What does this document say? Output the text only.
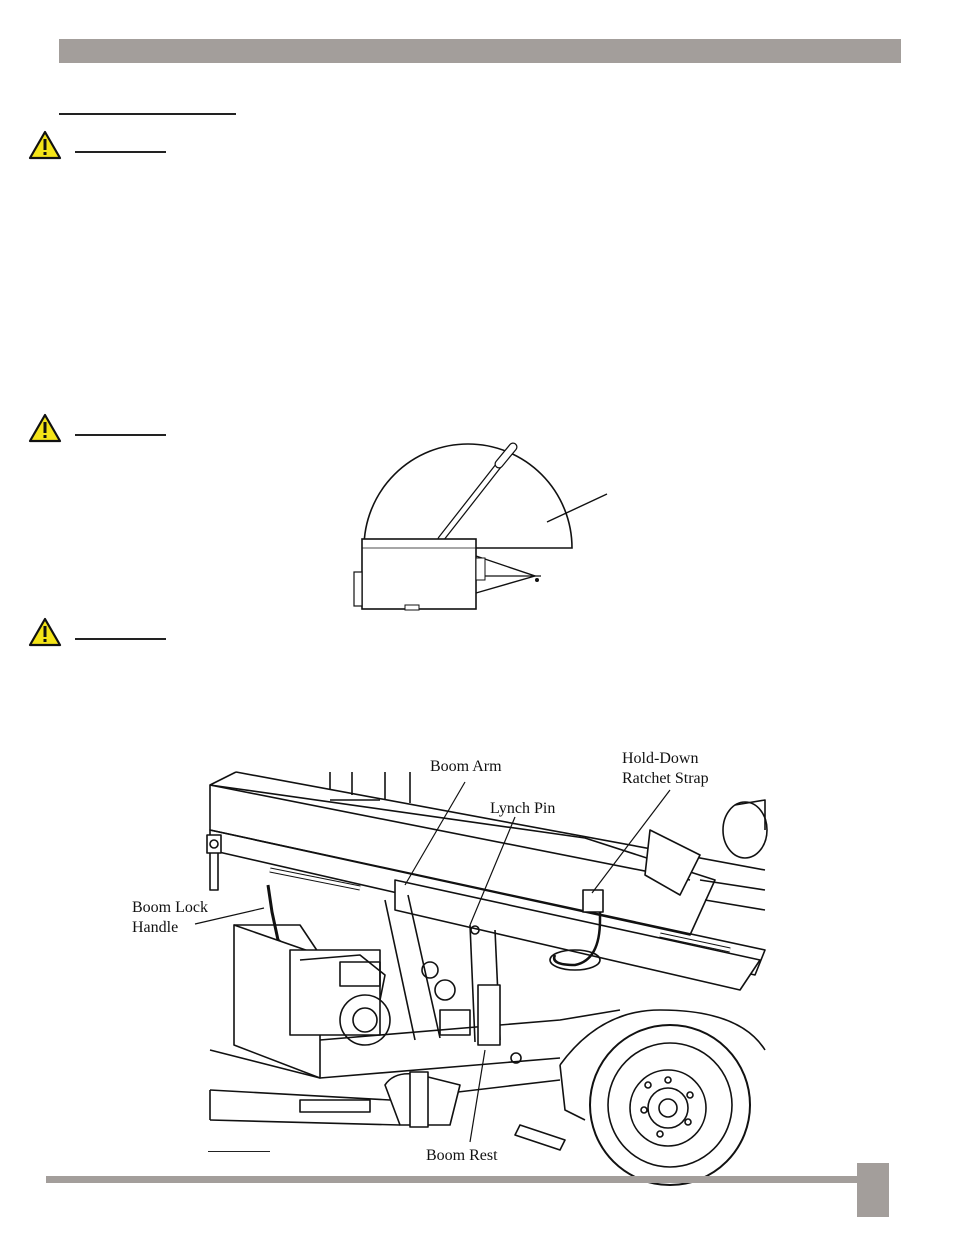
Boom Arm	Hold-Down
Ratchet Strap
Lynch Pin
Boom Lock
Handle
Boom Rest
